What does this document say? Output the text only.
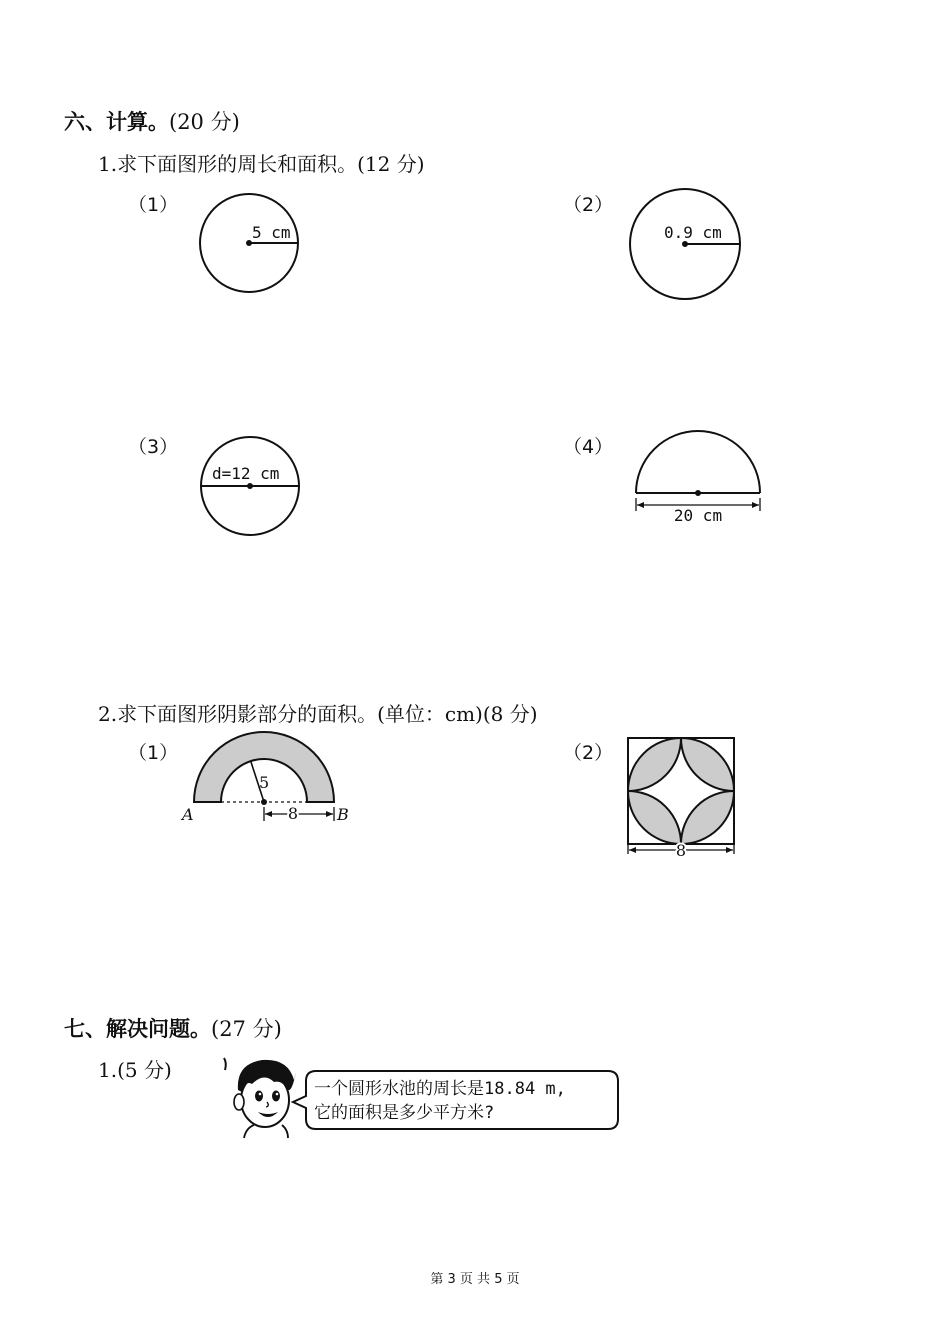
六、计算。(20 分)
1.求下面图形的周长和面积。(12 分)
（1）
5 cm
（2）
0.9 cm
（3）
d=12 cm
（4）
20 cm
2.求下面图形阴影部分的面积。(单位：cm)(8 分)
（1）
5
8
A	B
（2）
8
七、解决问题。(27 分)
1.(5 分)
一个圆形水池的周长是18.84 m,
它的面积是多少平方米?
第 3 页 共 5 页
